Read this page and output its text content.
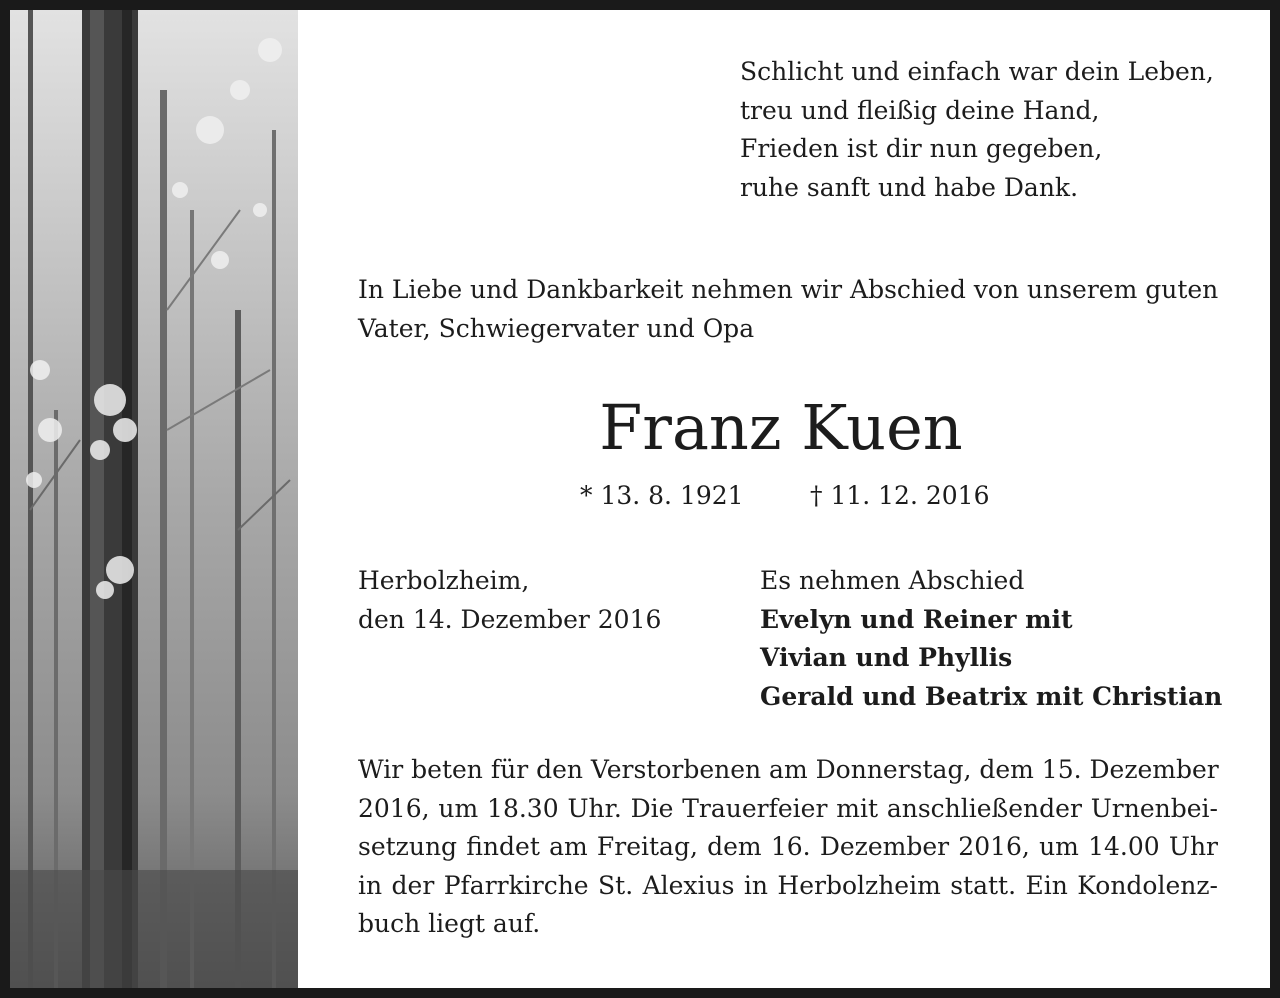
Schlicht und einfach war dein Leben,
treu und fleißig deine Hand,
Frieden ist dir nun gegeben,
ruhe sanft und habe Dank.

In Liebe und Dankbarkeit nehmen wir Abschied von unserem guten
Vater, Schwiegervater und Opa

Franz Kuen
* 13. 8. 1921	† 11. 12. 2016

Herbolzheim,
den 14. Dezember 2016

Es nehmen Abschied
Evelyn und Reiner mit
Vivian und Phyllis
Gerald und Beatrix mit Christian

Wir beten für den Verstorbenen am Donnerstag, dem 15. Dezember
2016, um 18.30 Uhr. Die Trauerfeier mit anschließender Urnenbei-
setzung findet am Freitag, dem 16. Dezember 2016, um 14.00 Uhr
in der Pfarrkirche St. Alexius in Herbolzheim statt. Ein Kondolenz-
buch liegt auf.
